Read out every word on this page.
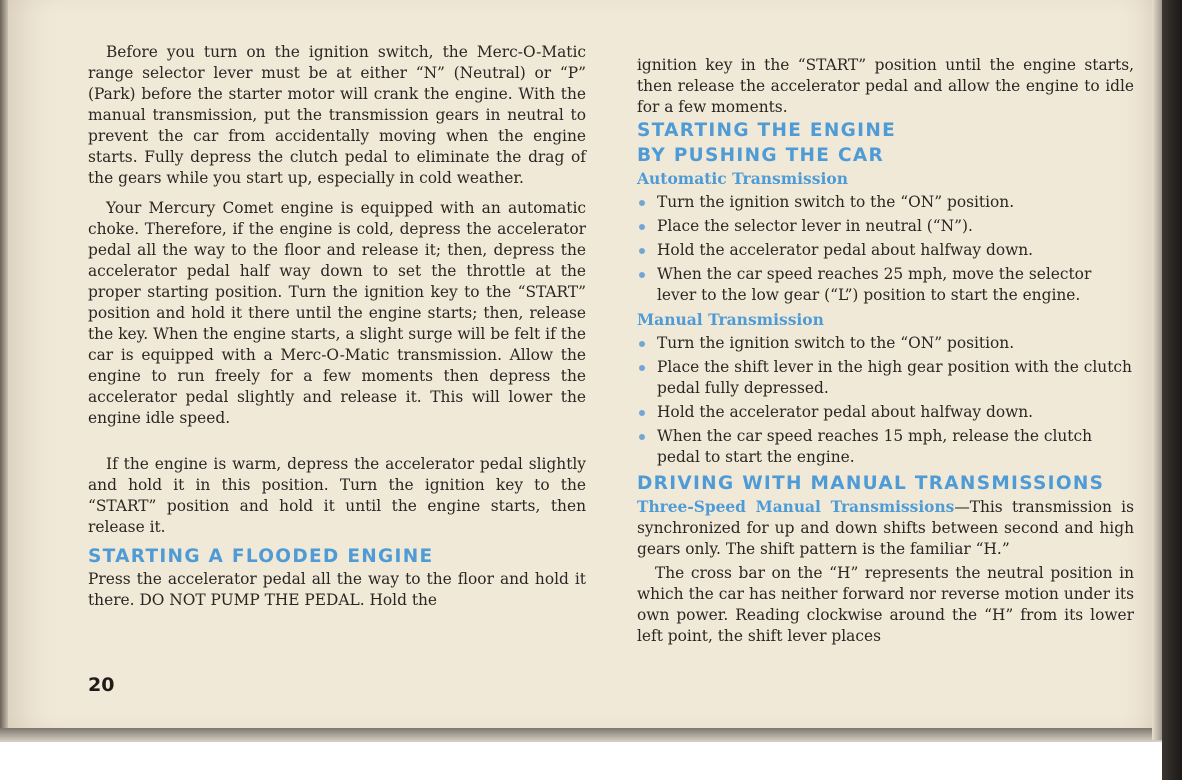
Before you turn on the ignition switch, the Merc-O-Matic range selector lever must be at either “N” (Neutral) or “P” (Park) before the starter motor will crank the engine. With the manual transmission, put the transmission gears in neutral to prevent the car from accidentally moving when the engine starts. Fully depress the clutch pedal to eliminate the drag of the gears while you start up, especially in cold weather.

Your Mercury Comet engine is equipped with an automatic choke. Therefore, if the engine is cold, depress the accelerator pedal all the way to the floor and release it; then, depress the accelerator pedal half way down to set the throttle at the proper starting position. Turn the ignition key to the “START” position and hold it there until the engine starts; then, release the key. When the engine starts, a slight surge will be felt if the car is equipped with a Merc-O-Matic transmission. Allow the engine to run freely for a few moments then depress the accelerator pedal slightly and release it. This will lower the engine idle speed.

If the engine is warm, depress the accelerator pedal slightly and hold it in this position. Turn the ignition key to the “START” position and hold it until the engine starts, then release it.

STARTING A FLOODED ENGINE

Press the accelerator pedal all the way to the floor and hold it there. DO NOT PUMP THE PEDAL. Hold the

ignition key in the “START” position until the engine starts, then release the accelerator pedal and allow the engine to idle for a few moments.

STARTING THE ENGINE
BY PUSHING THE CAR
Automatic Transmission
Turn the ignition switch to the “ON” position.
Place the selector lever in neutral (“N”).
Hold the accelerator pedal about halfway down.
When the car speed reaches 25 mph, move the selector lever to the low gear (“L”) position to start the engine.
Manual Transmission
Turn the ignition switch to the “ON” position.
Place the shift lever in the high gear position with the clutch pedal fully depressed.
Hold the accelerator pedal about halfway down.
When the car speed reaches 15 mph, release the clutch pedal to start the engine.
DRIVING WITH MANUAL TRANSMISSIONS

Three-Speed Manual Transmissions—This transmission is synchronized for up and down shifts between second and high gears only. The shift pattern is the familiar “H.”

The cross bar on the “H” represents the neutral position in which the car has neither forward nor reverse motion under its own power. Reading clockwise around the “H” from its lower left point, the shift lever places

20
